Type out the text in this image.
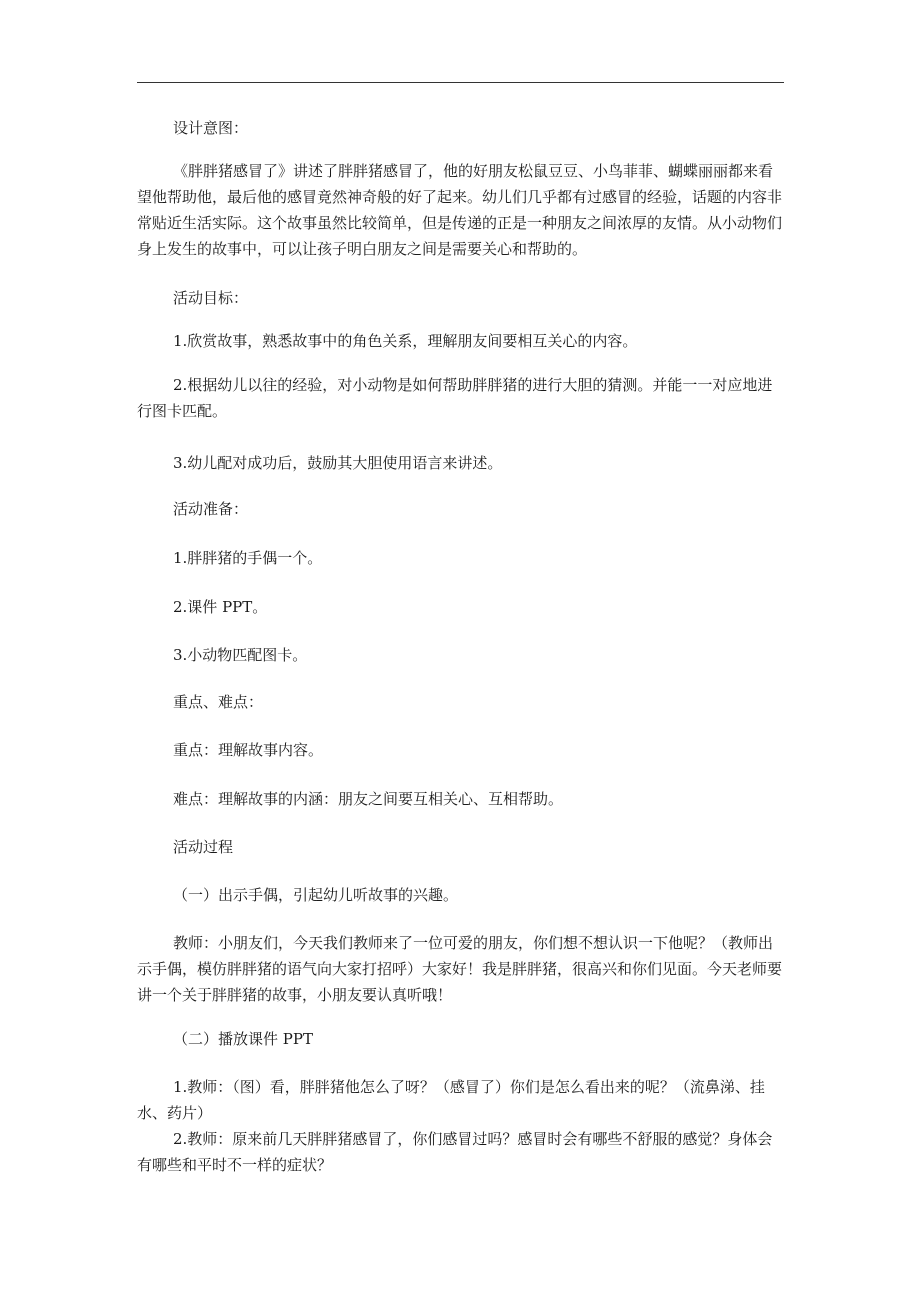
设计意图：

《胖胖猪感冒了》讲述了胖胖猪感冒了，他的好朋友松鼠豆豆、小鸟菲菲、蝴蝶丽丽都来看望他帮助他，最后他的感冒竟然神奇般的好了起来。幼儿们几乎都有过感冒的经验，话题的内容非常贴近生活实际。这个故事虽然比较简单，但是传递的正是一种朋友之间浓厚的友情。从小动物们身上发生的故事中，可以让孩子明白朋友之间是需要关心和帮助的。

活动目标：

1.欣赏故事，熟悉故事中的角色关系，理解朋友间要相互关心的内容。

2.根据幼儿以往的经验，对小动物是如何帮助胖胖猪的进行大胆的猜测。并能一一对应地进行图卡匹配。

3.幼儿配对成功后，鼓励其大胆使用语言来讲述。

活动准备：

1.胖胖猪的手偶一个。

2.课件 PPT。

3.小动物匹配图卡。

重点、难点：

重点：理解故事内容。

难点：理解故事的内涵：朋友之间要互相关心、互相帮助。

活动过程

（一）出示手偶，引起幼儿听故事的兴趣。

教师：小朋友们，今天我们教师来了一位可爱的朋友，你们想不想认识一下他呢？（教师出示手偶，模仿胖胖猪的语气向大家打招呼）大家好！我是胖胖猪，很高兴和你们见面。今天老师要讲一个关于胖胖猪的故事，小朋友要认真听哦！

（二）播放课件 PPT

1.教师：（图）看，胖胖猪他怎么了呀？（感冒了）你们是怎么看出来的呢？（流鼻涕、挂水、药片）

2.教师：原来前几天胖胖猪感冒了，你们感冒过吗？感冒时会有哪些不舒服的感觉？身体会有哪些和平时不一样的症状？
